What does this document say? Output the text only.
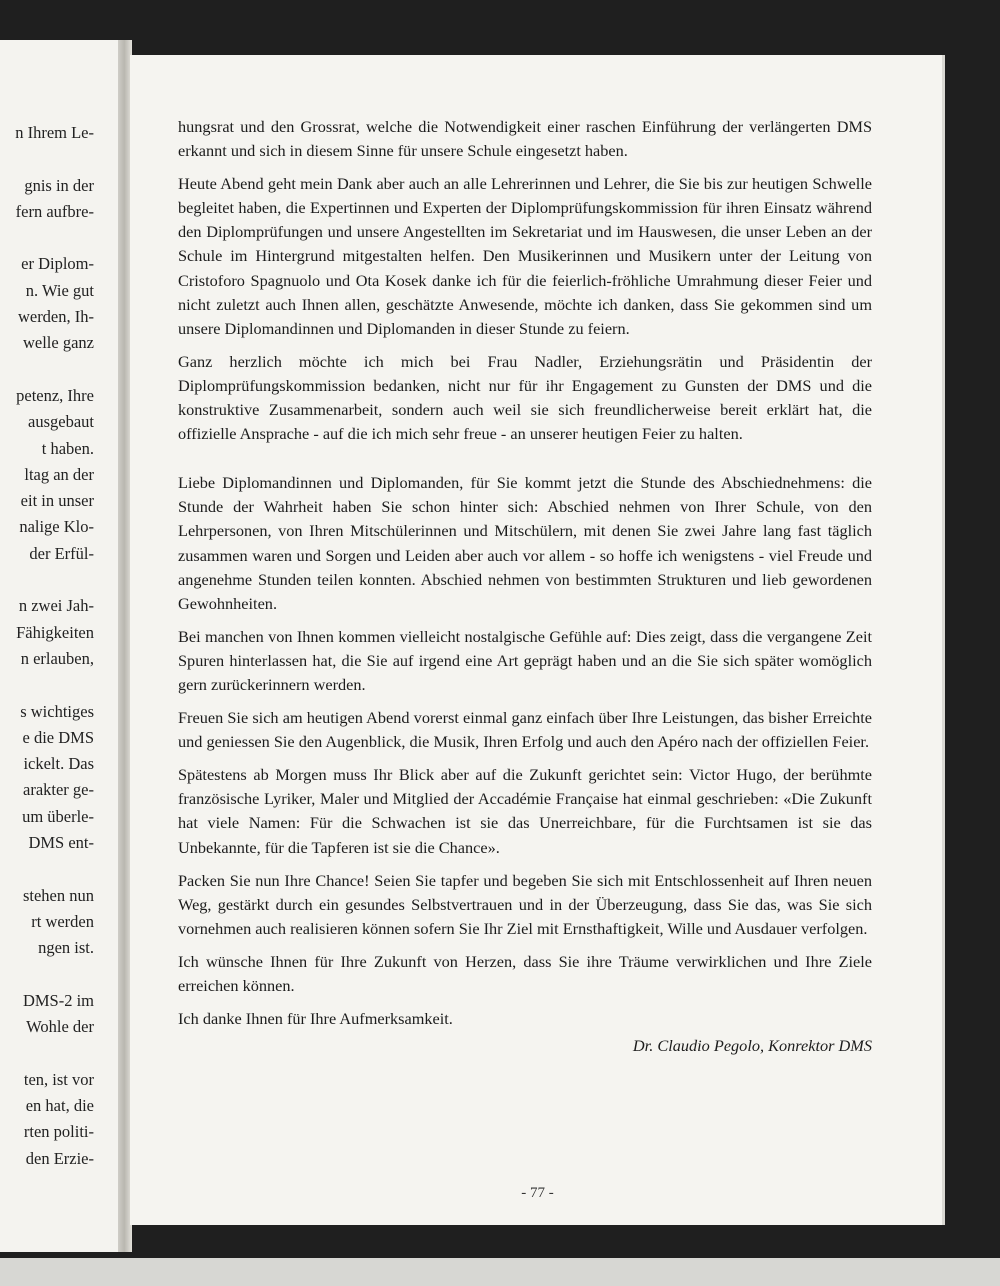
n Ihrem Le-
gnis in der
fern aufbre-
er Diplom-
n. Wie gut
werden, Ih-
welle ganz
petenz, Ihre
ausgebaut
t haben.
ltag an der
eit in unser
nalige Klo-
der Erfül-
n zwei Jah-
Fähigkeiten
n erlauben,
s wichtiges
e die DMS
ickelt. Das
arakter ge-
um überle-
DMS ent-
stehen nun
rt werden
ngen ist.
DMS-2 im
Wohle der
ten, ist vor
en hat, die
rten politi-
den Erzie-

hungsrat und den Grossrat, welche die Notwendigkeit einer raschen Einführung der verlängerten DMS erkannt und sich in diesem Sinne für unsere Schule eingesetzt haben.

Heute Abend geht mein Dank aber auch an alle Lehrerinnen und Lehrer, die Sie bis zur heutigen Schwelle begleitet haben, die Expertinnen und Experten der Diplomprüfungskommission für ihren Einsatz während den Diplomprüfungen und unsere Angestellten im Sekretariat und im Hauswesen, die unser Leben an der Schule im Hintergrund mitgestalten helfen. Den Musikerinnen und Musikern unter der Leitung von Cristoforo Spagnuolo und Ota Kosek danke ich für die feierlich-fröhliche Umrahmung dieser Feier und nicht zuletzt auch Ihnen allen, geschätzte Anwesende, möchte ich danken, dass Sie gekommen sind um unsere Diplomandinnen und Diplomanden in dieser Stunde zu feiern.

Ganz herzlich möchte ich mich bei Frau Nadler, Erziehungsrätin und Präsidentin der Diplomprüfungskommission bedanken, nicht nur für ihr Engagement zu Gunsten der DMS und die konstruktive Zusammenarbeit, sondern auch weil sie sich freundlicherweise bereit erklärt hat, die offizielle Ansprache - auf die ich mich sehr freue - an unserer heutigen Feier zu halten.

Liebe Diplomandinnen und Diplomanden, für Sie kommt jetzt die Stunde des Abschiednehmens: die Stunde der Wahrheit haben Sie schon hinter sich: Abschied nehmen von Ihrer Schule, von den Lehrpersonen, von Ihren Mitschülerinnen und Mitschülern, mit denen Sie zwei Jahre lang fast täglich zusammen waren und Sorgen und Leiden aber auch vor allem - so hoffe ich wenigstens - viel Freude und angenehme Stunden teilen konnten. Abschied nehmen von bestimmten Strukturen und lieb gewordenen Gewohnheiten.

Bei manchen von Ihnen kommen vielleicht nostalgische Gefühle auf: Dies zeigt, dass die vergangene Zeit Spuren hinterlassen hat, die Sie auf irgend eine Art geprägt haben und an die Sie sich später womöglich gern zurückerinnern werden.

Freuen Sie sich am heutigen Abend vorerst einmal ganz einfach über Ihre Leistungen, das bisher Erreichte und geniessen Sie den Augenblick, die Musik, Ihren Erfolg und auch den Apéro nach der offiziellen Feier.

Spätestens ab Morgen muss Ihr Blick aber auf die Zukunft gerichtet sein: Victor Hugo, der berühmte französische Lyriker, Maler und Mitglied der Accadémie Française hat einmal geschrieben: «Die Zukunft hat viele Namen: Für die Schwachen ist sie das Unerreichbare, für die Furchtsamen ist sie das Unbekannte, für die Tapferen ist sie die Chance».

Packen Sie nun Ihre Chance! Seien Sie tapfer und begeben Sie sich mit Entschlossenheit auf Ihren neuen Weg, gestärkt durch ein gesundes Selbstvertrauen und in der Überzeugung, dass Sie das, was Sie sich vornehmen auch realisieren können sofern Sie Ihr Ziel mit Ernsthaftigkeit, Wille und Ausdauer verfolgen.

Ich wünsche Ihnen für Ihre Zukunft von Herzen, dass Sie ihre Träume verwirklichen und Ihre Ziele erreichen können.

Ich danke Ihnen für Ihre Aufmerksamkeit.

Dr. Claudio Pegolo, Konrektor DMS
- 77 -
